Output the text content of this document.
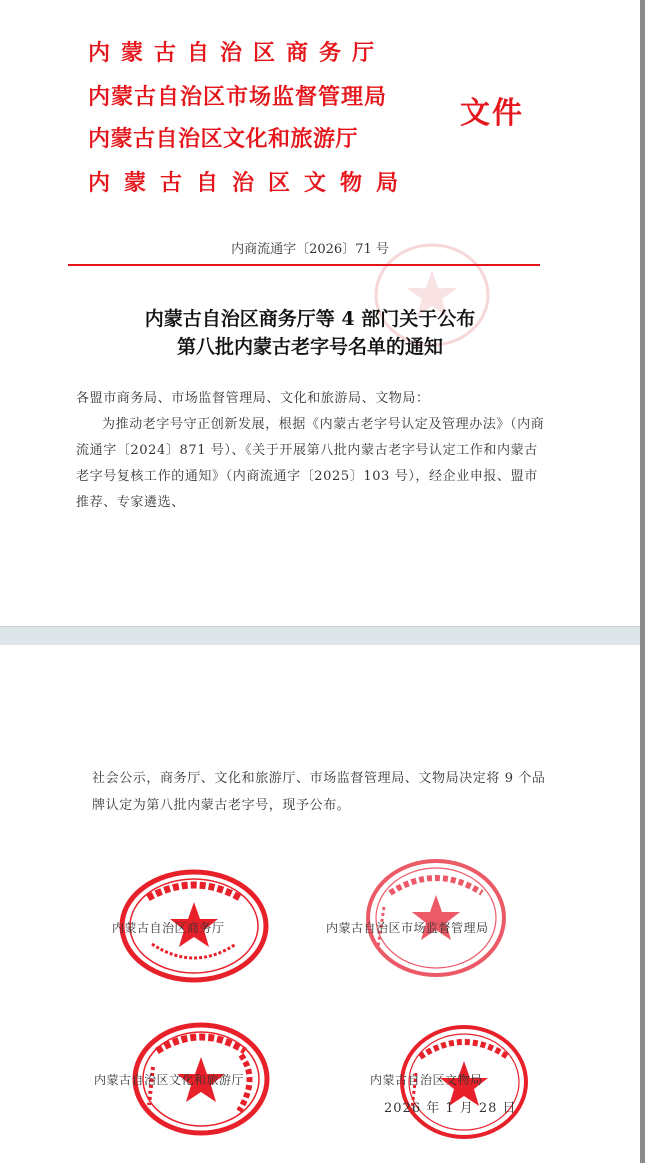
内蒙古自治区商务厅
内蒙古自治区市场监督管理局
内蒙古自治区文化和旅游厅
内蒙古自治区文物局
文件
内商流通字〔2026〕71 号
内蒙古自治区商务厅等 4 部门关于公布
第八批内蒙古老字号名单的通知
各盟市商务局、市场监督管理局、文化和旅游局、文物局：
为推动老字号守正创新发展，根据《内蒙古老字号认定及管理办法》（内商流通字〔2024〕871 号）、《关于开展第八批内蒙古老字号认定工作和内蒙古老字号复核工作的通知》（内商流通字〔2025〕103 号），经企业申报、盟市推荐、专家遴选、
社会公示，商务厅、文化和旅游厅、市场监督管理局、文物局决定将 9 个品牌认定为第八批内蒙古老字号，现予公布。
内蒙古自治区商务厅	内蒙古自治区市场监督管理局
内蒙古自治区文化和旅游厅	内蒙古自治区文物局
2026 年 1 月 28 日
